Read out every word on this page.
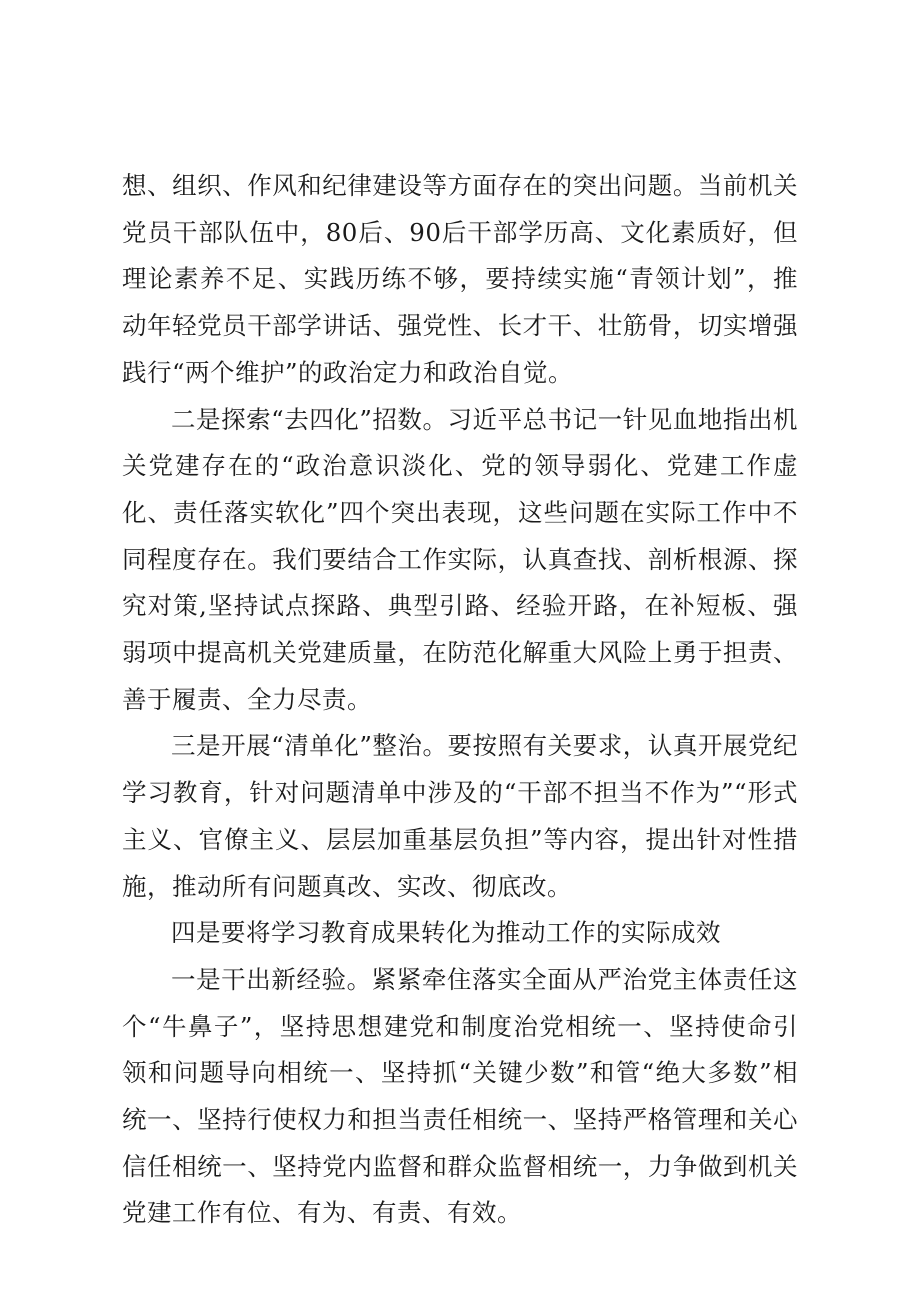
想、组织、作风和纪律建设等方面存在的突出问题。当前机关党员干部队伍中，80后、90后干部学历高、文化素质好，但理论素养不足、实践历练不够，要持续实施“青领计划”，推动年轻党员干部学讲话、强党性、长才干、壮筋骨，切实增强践行“两个维护”的政治定力和政治自觉。

二是探索“去四化”招数。习近平总书记一针见血地指出机关党建存在的“政治意识淡化、党的领导弱化、党建工作虚化、责任落实软化”四个突出表现，这些问题在实际工作中不同程度存在。我们要结合工作实际，认真查找、剖析根源、探究对策,坚持试点探路、典型引路、经验开路，在补短板、强弱项中提高机关党建质量，在防范化解重大风险上勇于担责、善于履责、全力尽责。

三是开展“清单化”整治。要按照有关要求，认真开展党纪学习教育，针对问题清单中涉及的“干部不担当不作为”“形式主义、官僚主义、层层加重基层负担”等内容，提出针对性措施，推动所有问题真改、实改、彻底改。

四是要将学习教育成果转化为推动工作的实际成效

一是干出新经验。紧紧牵住落实全面从严治党主体责任这个“牛鼻子”，坚持思想建党和制度治党相统一、坚持使命引领和问题导向相统一、坚持抓“关键少数”和管“绝大多数”相统一、坚持行使权力和担当责任相统一、坚持严格管理和关心信任相统一、坚持党内监督和群众监督相统一，力争做到机关党建工作有位、有为、有责、有效。
